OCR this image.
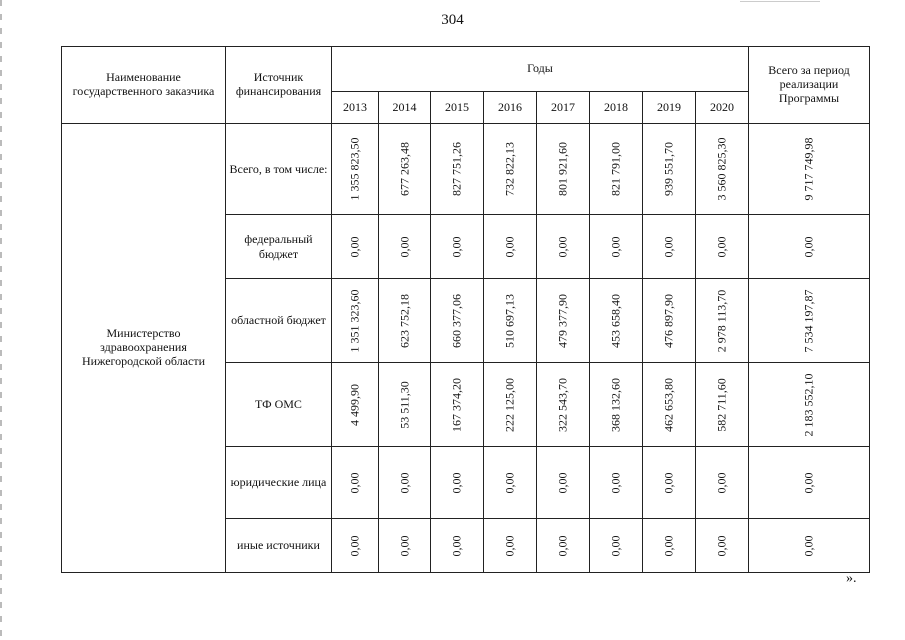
304
Наименование государственного заказчика	Источник финансирования	Годы								Всего за период реализации Программы
		2013	2014	2015	2016	2017	2018	2019	2020	
Министерство здравоохранения Нижегородской области	Всего, в том числе:	1 355 823,50	677 263,48	827 751,26	732 822,13	801 921,60	821 791,00	939 551,70	3 560 825,30	9 717 749,98

	федеральный бюджет	0,00	0,00	0,00	0,00	0,00	0,00	0,00	0,00	0,00

	областной бюджет	1 351 323,60	623 752,18	660 377,06	510 697,13	479 377,90	453 658,40	476 897,90	2 978 113,70	7 534 197,87

	ТФ ОМС	4 499,90	53 511,30	167 374,20	222 125,00	322 543,70	368 132,60	462 653,80	582 711,60	2 183 552,10

	юридические лица	0,00	0,00	0,00	0,00	0,00	0,00	0,00	0,00	0,00

	иные источники	0,00	0,00	0,00	0,00	0,00	0,00	0,00	0,00	0,00
».
